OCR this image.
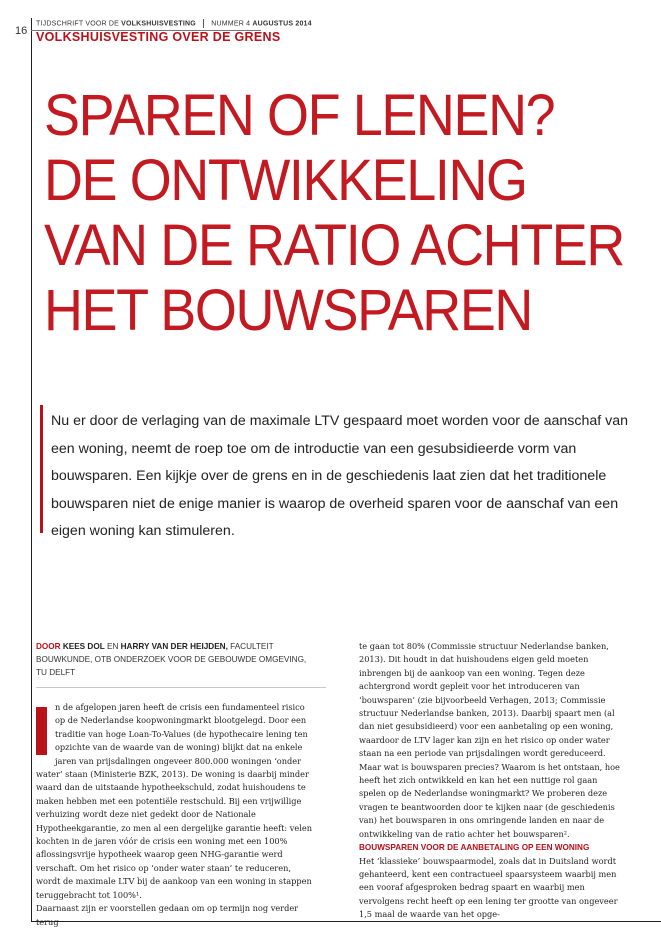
16
TIJDSCHRIFT VOOR DE VOLKSHUISVESTING NUMMER 4 AUGUSTUS 2014
VOLKSHUISVESTING OVER DE GRENS
SPAREN OF LENEN?
DE ONTWIKKELING
VAN DE RATIO ACHTER
HET BOUWSPAREN

Nu er door de verlaging van de maximale LTV gespaard moet worden voor de aanschaf van een woning, neemt de roep toe om de introductie van een gesubsidieerde vorm van bouwsparen. Een kijkje over de grens en in de geschiedenis laat zien dat het traditionele bouwsparen niet de enige manier is waarop de overheid sparen voor de aanschaf van een eigen woning kan stimuleren.

DOOR KEES DOL EN HARRY VAN DER HEIJDEN, FACULTEIT BOUWKUNDE, OTB ONDERZOEK VOOR DE GEBOUWDE OMGEVING, TU DELFT

n de afgelopen jaren heeft de crisis een fundamenteel risico op de Nederlandse koopwoningmarkt blootgelegd. Door een traditie van hoge Loan-To-Values (de hypothecaire lening ten opzichte van de waarde van de woning) blijkt dat na enkele jaren van prijsdalingen ongeveer 800.000 woningen ‘onder water’ staan (Ministerie BZK, 2013). De woning is daarbij minder waard dan de uitstaande hypotheekschuld, zodat huishoudens te maken hebben met een potentiële restschuld. Bij een vrijwillige verhuizing wordt deze niet gedekt door de Nationale Hypotheekgarantie, zo men al een dergelijke garantie heeft: velen kochten in de jaren vóór de crisis een woning met een 100% aflossingsvrije hypotheek waarop geen NHG-garantie werd verschaft. Om het risico op ‘onder water staan’ te reduceren, wordt de maximale LTV bij de aankoop van een woning in stappen teruggebracht tot 100%¹.

Daarnaast zijn er voorstellen gedaan om op termijn nog verder terug

te gaan tot 80% (Commissie structuur Nederlandse banken, 2013). Dit houdt in dat huishoudens eigen geld moeten inbrengen bij de aankoop van een woning. Tegen deze achtergrond wordt gepleit voor het introduceren van ‘bouwsparen’ (zie bijvoorbeeld Verhagen, 2013; Commissie structuur Nederlandse banken, 2013). Daarbij spaart men (al dan niet gesubsidieerd) voor een aanbetaling op een woning, waardoor de LTV lager kan zijn en het risico op onder water staan na een periode van prijsdalingen wordt gereduceerd. Maar wat is bouwsparen precies? Waarom is het ontstaan, hoe heeft het zich ontwikkeld en kan het een nuttige rol gaan spelen op de Nederlandse woningmarkt? We proberen deze vragen te beantwoorden door te kijken naar (de geschiedenis van) het bouwsparen in ons omringende landen en naar de ontwikkeling van de ratio achter het bouwsparen².

BOUWSPAREN VOOR DE AANBETALING OP EEN WONING

Het ‘klassieke’ bouwspaarmodel, zoals dat in Duitsland wordt gehanteerd, kent een contractueel spaarsysteem waarbij men een vooraf afgesproken bedrag spaart en waarbij men vervolgens recht heeft op een lening ter grootte van ongeveer 1,5 maal de waarde van het opge-
